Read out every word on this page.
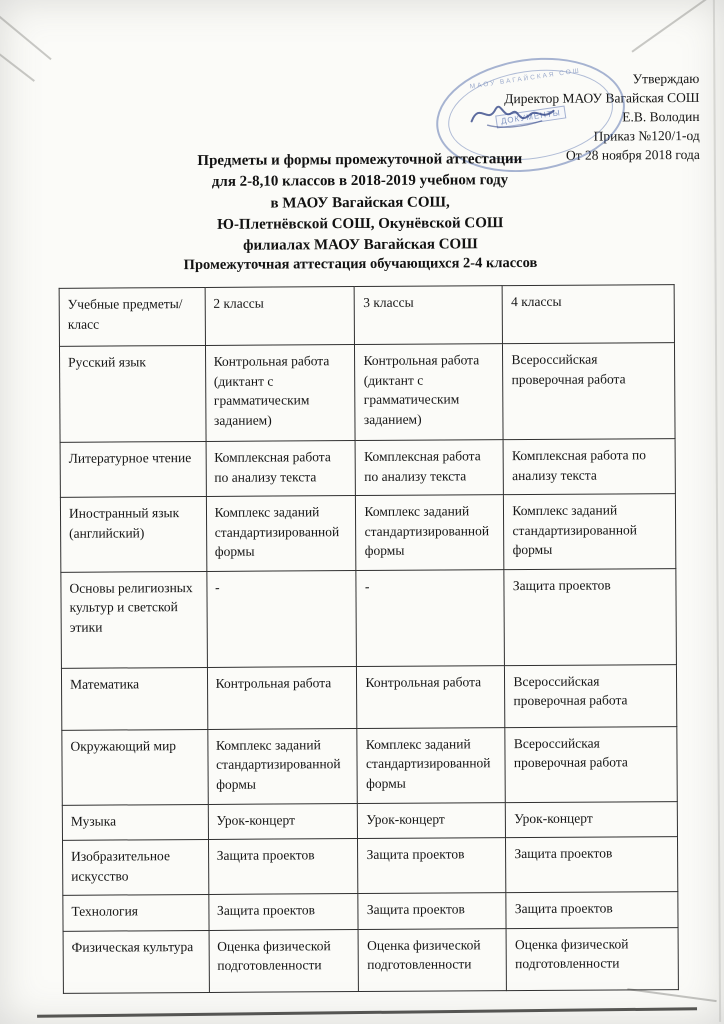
Утверждаю
Директор МАОУ Вагайская СОШ
Е.В. Володин
Приказ №120/1-од
От 28 ноября 2018 года
МАОУ ВАГАЙСКАЯ СОШ
ДОКУМЕНТЫ
Предметы и формы промежуточной аттестации
для 2-8,10 классов в 2018-2019 учебном году
в МАОУ Вагайская СОШ,
Ю-Плетнёвской СОШ, Окунёвской СОШ
филиалах МАОУ Вагайская СОШ
Промежуточная аттестация обучающихся 2-4 классов
Учебные предметы/класс	2 классы	3 классы	4 классы
Русский язык	Контрольная работа (диктант с грамматическим заданием)	Контрольная работа (диктант с грамматическим заданием)	Всероссийская проверочная работа
Литературное чтение	Комплексная работа по анализу текста	Комплексная работа по анализу текста	Комплексная работа по анализу текста
Иностранный язык (английский)	Комплекс заданий стандартизированной формы	Комплекс заданий стандартизированной формы	Комплекс заданий стандартизированной формы
Основы религиозных культур и светской этики	-	-	Защита проектов
Математика	Контрольная работа	Контрольная работа	Всероссийская проверочная работа
Окружающий мир	Комплекс заданий стандартизированной формы	Комплекс заданий стандартизированной формы	Всероссийская проверочная работа
Музыка	Урок-концерт	Урок-концерт	Урок-концерт
Изобразительное искусство	Защита проектов	Защита проектов	Защита проектов
Технология	Защита проектов	Защита проектов	Защита проектов
Физическая культура	Оценка физической подготовленности	Оценка физической подготовленности	Оценка физической подготовленности
